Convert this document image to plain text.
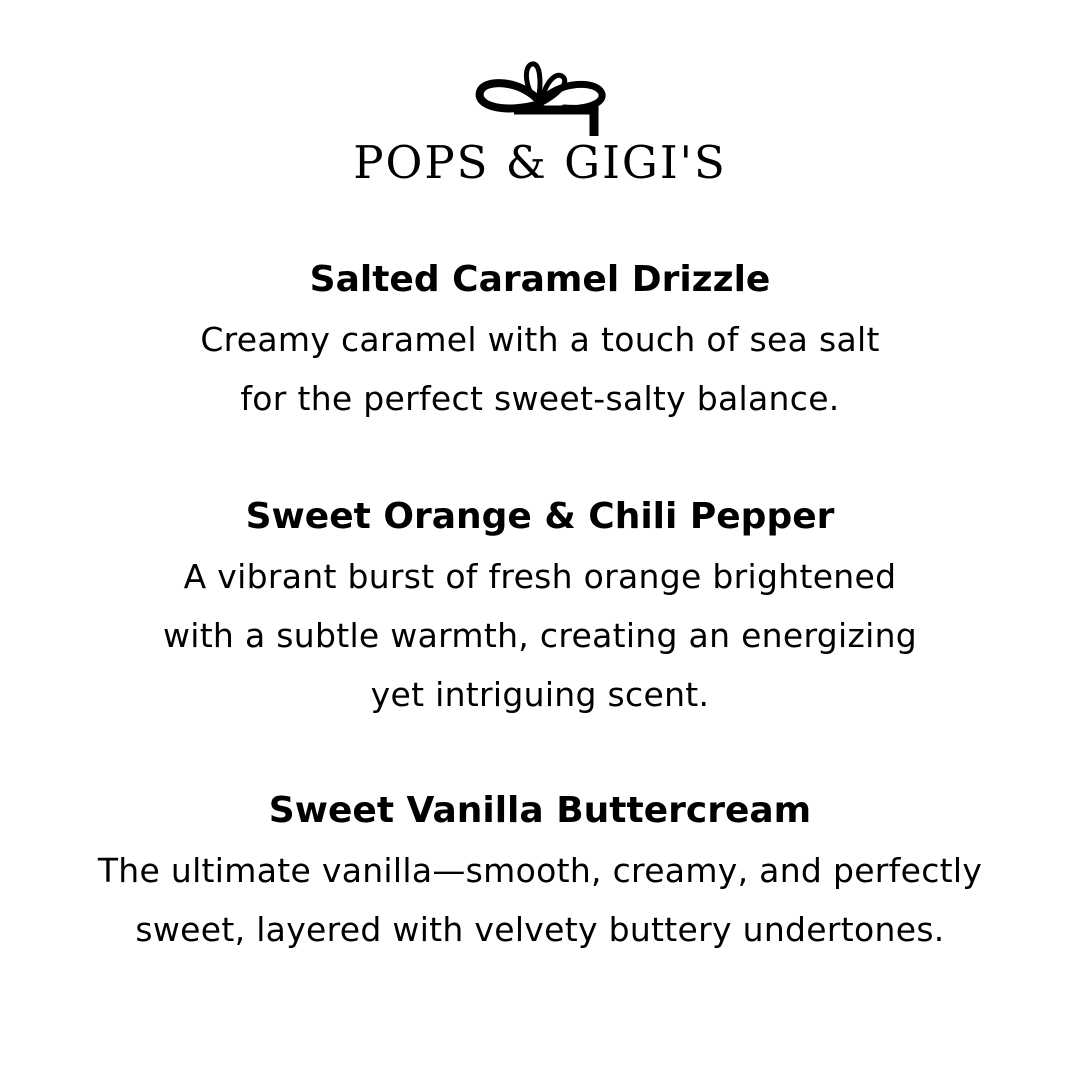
POPS & GIGI'S

Salted Caramel Drizzle

Creamy caramel with a touch of sea salt
for the perfect sweet-salty balance.

Sweet Orange & Chili Pepper

A vibrant burst of fresh orange brightened
with a subtle warmth, creating an energizing
yet intriguing scent.

Sweet Vanilla Buttercream

The ultimate vanilla—smooth, creamy, and perfectly
sweet, layered with velvety buttery undertones.
